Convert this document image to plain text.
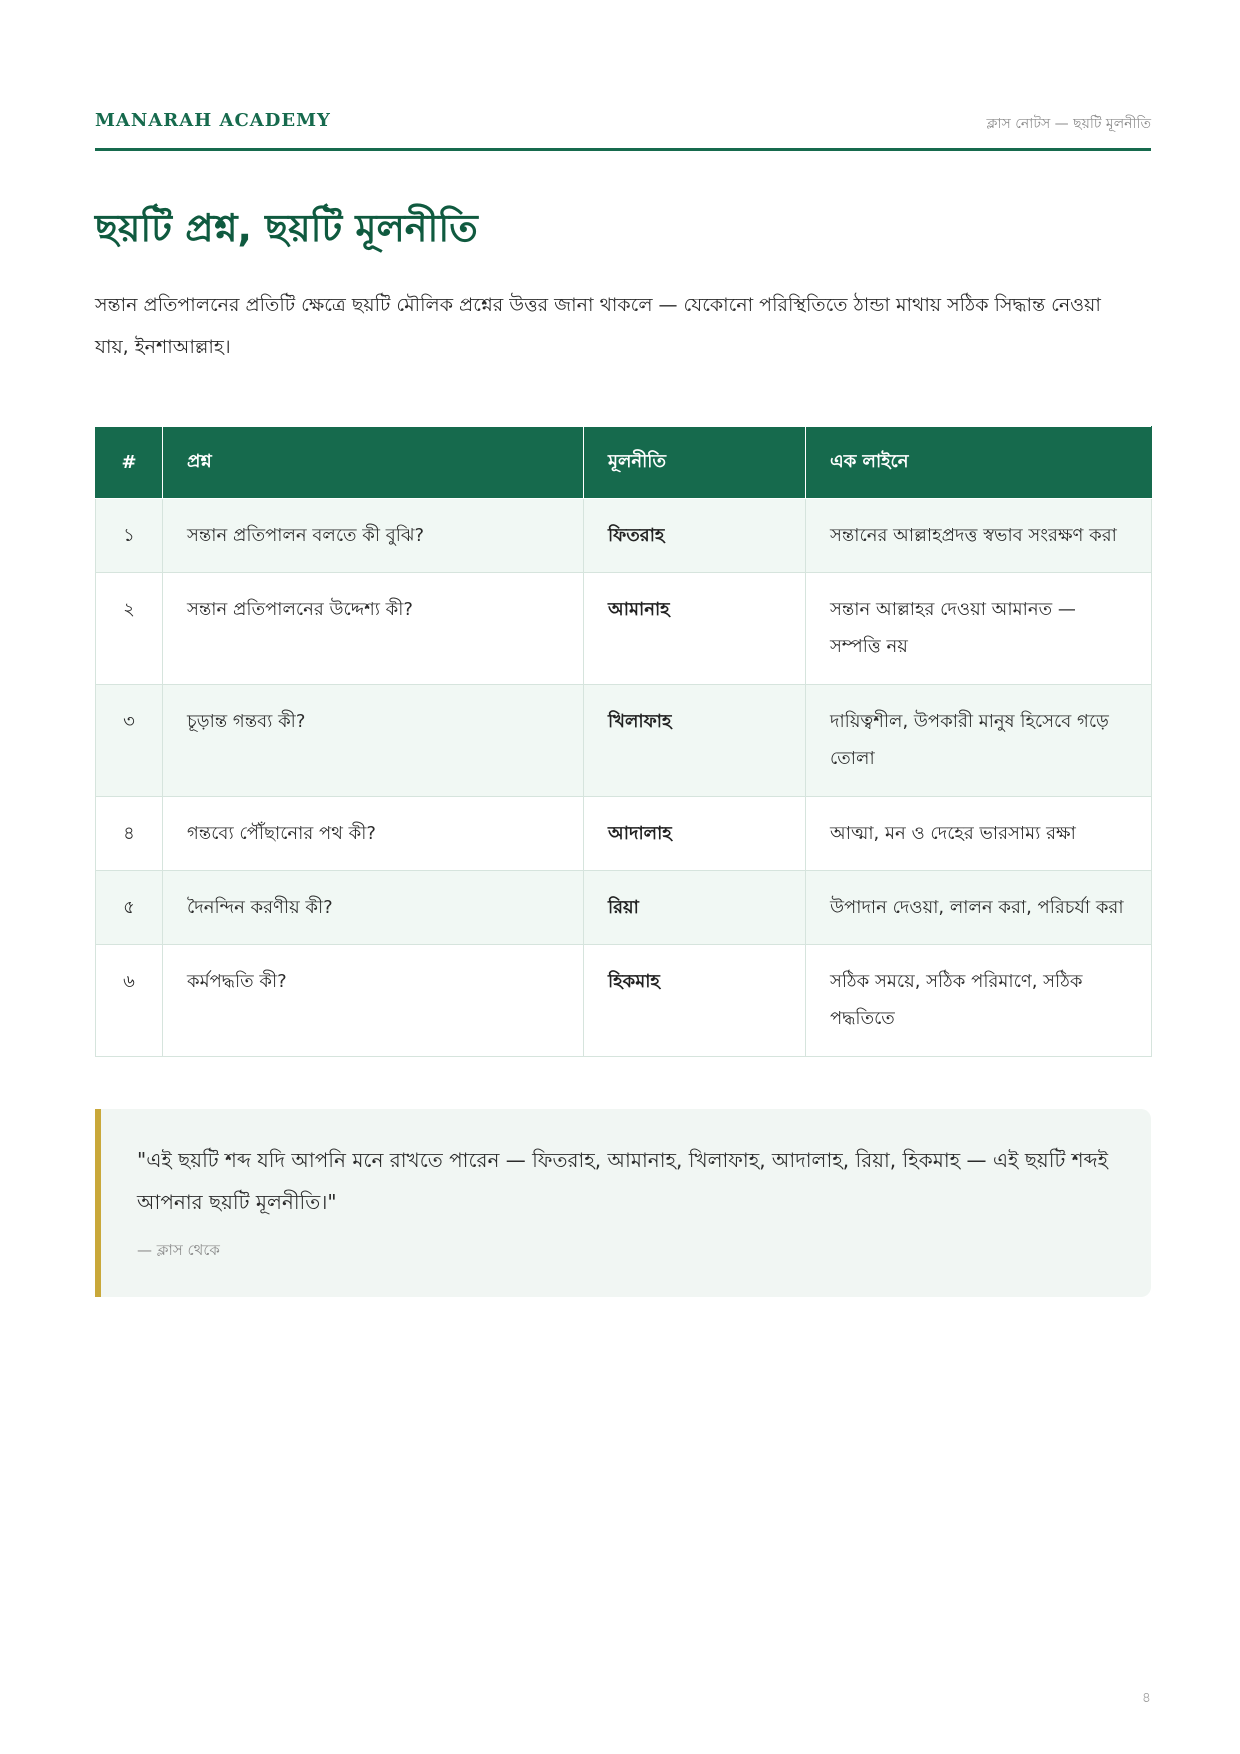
MANARAH ACADEMY	ক্লাস নোটস — ছয়টি মূলনীতি
ছয়টি প্রশ্ন, ছয়টি মূলনীতি

সন্তান প্রতিপালনের প্রতিটি ক্ষেত্রে ছয়টি মৌলিক প্রশ্নের উত্তর জানা থাকলে — যেকোনো পরিস্থিতিতে ঠান্ডা মাথায় সঠিক সিদ্ধান্ত নেওয়া যায়, ইনশাআল্লাহ।

#	প্রশ্ন	মূলনীতি	এক লাইনে
১	সন্তান প্রতিপালন বলতে কী বুঝি?	ফিতরাহ	সন্তানের আল্লাহপ্রদত্ত স্বভাব সংরক্ষণ করা
২	সন্তান প্রতিপালনের উদ্দেশ্য কী?	আমানাহ	সন্তান আল্লাহর দেওয়া আমানত — সম্পত্তি নয়
৩	চূড়ান্ত গন্তব্য কী?	খিলাফাহ	দায়িত্বশীল, উপকারী মানুষ হিসেবে গড়ে তোলা
৪	গন্তব্যে পৌঁছানোর পথ কী?	আদালাহ	আত্মা, মন ও দেহের ভারসাম্য রক্ষা
৫	দৈনন্দিন করণীয় কী?	রিয়া	উপাদান দেওয়া, লালন করা, পরিচর্যা করা
৬	কর্মপদ্ধতি কী?	হিকমাহ	সঠিক সময়ে, সঠিক পরিমাণে, সঠিক পদ্ধতিতে

"এই ছয়টি শব্দ যদি আপনি মনে রাখতে পারেন — ফিতরাহ, আমানাহ, খিলাফাহ, আদালাহ, রিয়া, হিকমাহ — এই ছয়টি শব্দই আপনার ছয়টি মূলনীতি।"

— ক্লাস থেকে
৪
